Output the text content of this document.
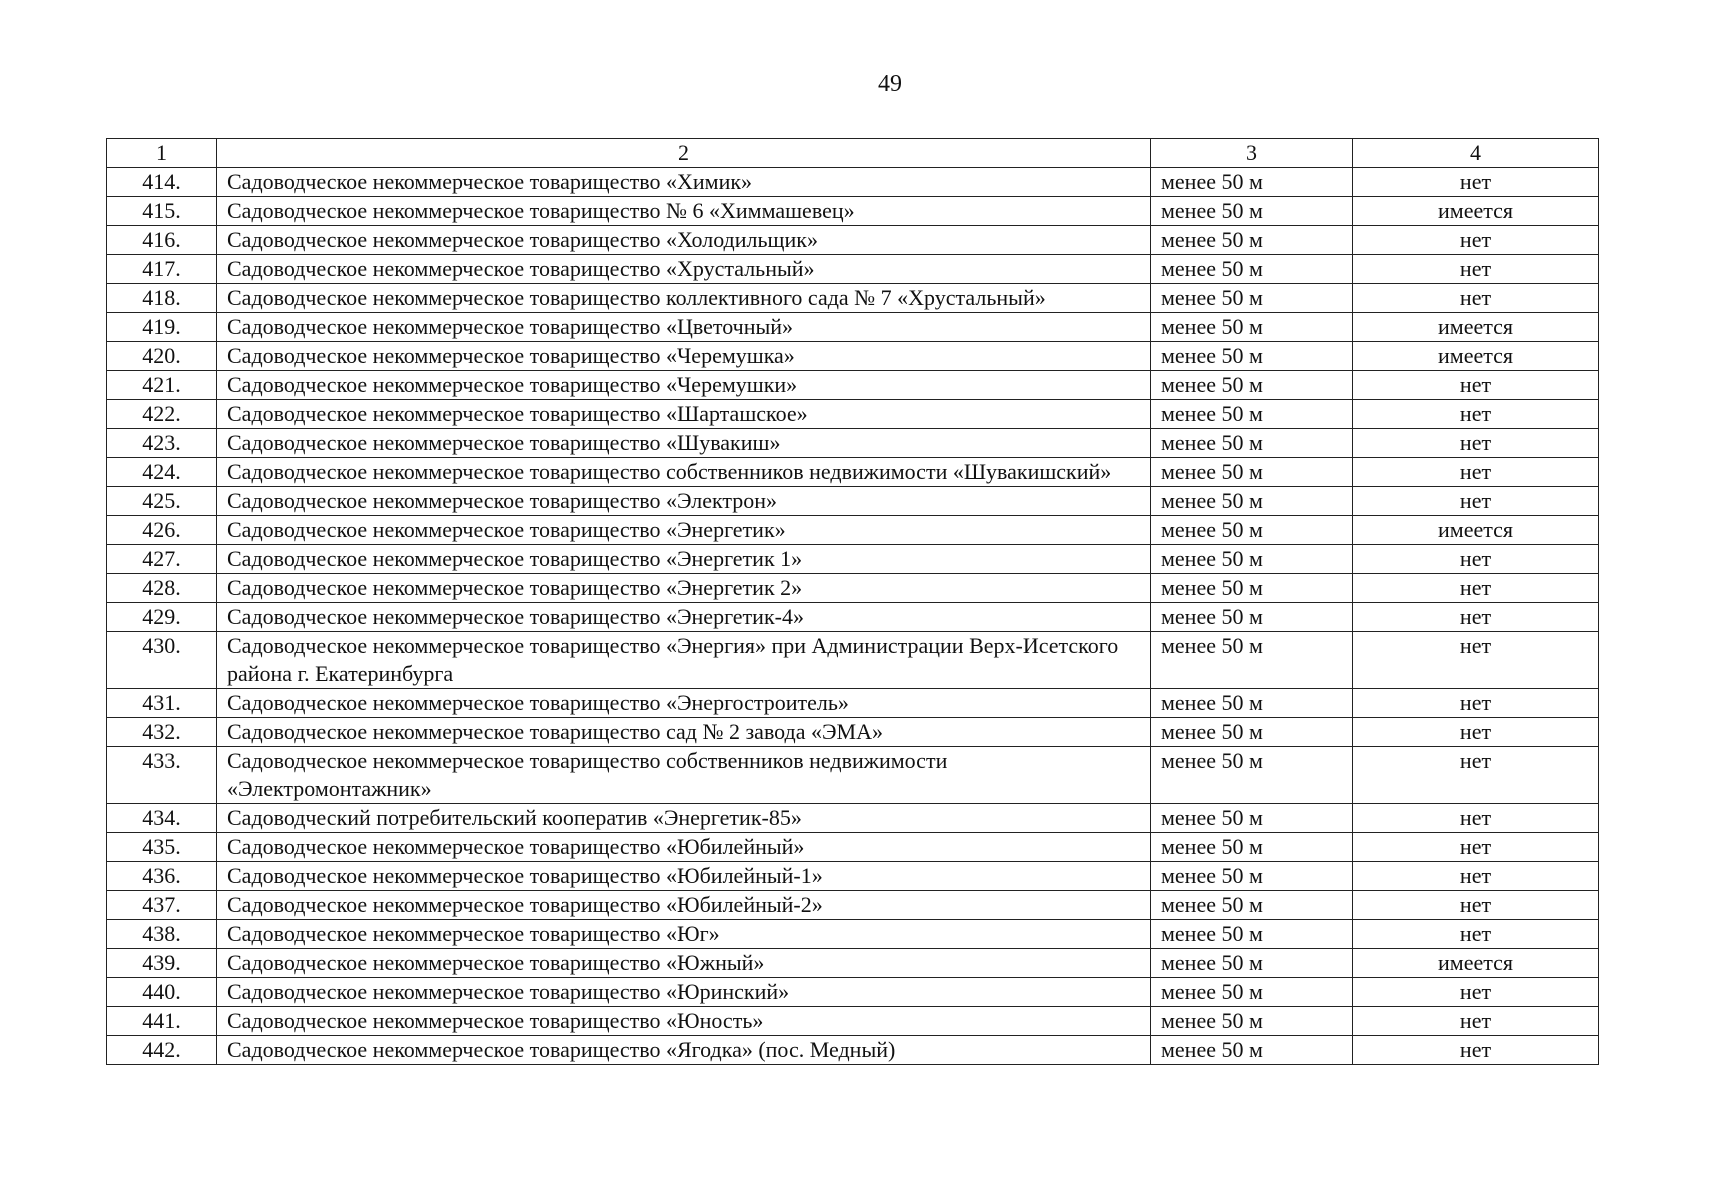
49
1	2	3	4
414.	Садоводческое некоммерческое товарищество «Химик»	менее 50 м	нет
415.	Садоводческое некоммерческое товарищество № 6 «Химмашевец»	менее 50 м	имеется
416.	Садоводческое некоммерческое товарищество «Холодильщик»	менее 50 м	нет
417.	Садоводческое некоммерческое товарищество «Хрустальный»	менее 50 м	нет
418.	Садоводческое некоммерческое товарищество коллективного сада № 7 «Хрустальный»	менее 50 м	нет
419.	Садоводческое некоммерческое товарищество «Цветочный»	менее 50 м	имеется
420.	Садоводческое некоммерческое товарищество «Черемушка»	менее 50 м	имеется
421.	Садоводческое некоммерческое товарищество «Черемушки»	менее 50 м	нет
422.	Садоводческое некоммерческое товарищество «Шарташское»	менее 50 м	нет
423.	Садоводческое некоммерческое товарищество «Шувакиш»	менее 50 м	нет
424.	Садоводческое некоммерческое товарищество собственников недвижимости «Шувакишский»	менее 50 м	нет
425.	Садоводческое некоммерческое товарищество «Электрон»	менее 50 м	нет
426.	Садоводческое некоммерческое товарищество «Энергетик»	менее 50 м	имеется
427.	Садоводческое некоммерческое товарищество «Энергетик 1»	менее 50 м	нет
428.	Садоводческое некоммерческое товарищество «Энергетик 2»	менее 50 м	нет
429.	Садоводческое некоммерческое товарищество «Энергетик-4»	менее 50 м	нет
430.	Садоводческое некоммерческое товарищество «Энергия» при Администрации Верх-Исетского района г. Екатеринбурга	менее 50 м	нет
431.	Садоводческое некоммерческое товарищество «Энергостроитель»	менее 50 м	нет
432.	Садоводческое некоммерческое товарищество сад № 2 завода «ЭМА»	менее 50 м	нет
433.	Садоводческое некоммерческое товарищество собственников недвижимости «Электромонтажник»	менее 50 м	нет
434.	Садоводческий потребительский кооператив «Энергетик-85»	менее 50 м	нет
435.	Садоводческое некоммерческое товарищество «Юбилейный»	менее 50 м	нет
436.	Садоводческое некоммерческое товарищество «Юбилейный-1»	менее 50 м	нет
437.	Садоводческое некоммерческое товарищество «Юбилейный-2»	менее 50 м	нет
438.	Садоводческое некоммерческое товарищество «Юг»	менее 50 м	нет
439.	Садоводческое некоммерческое товарищество «Южный»	менее 50 м	имеется
440.	Садоводческое некоммерческое товарищество «Юринский»	менее 50 м	нет
441.	Садоводческое некоммерческое товарищество «Юность»	менее 50 м	нет
442.	Садоводческое некоммерческое товарищество «Ягодка» (пос. Медный)	менее 50 м	нет
